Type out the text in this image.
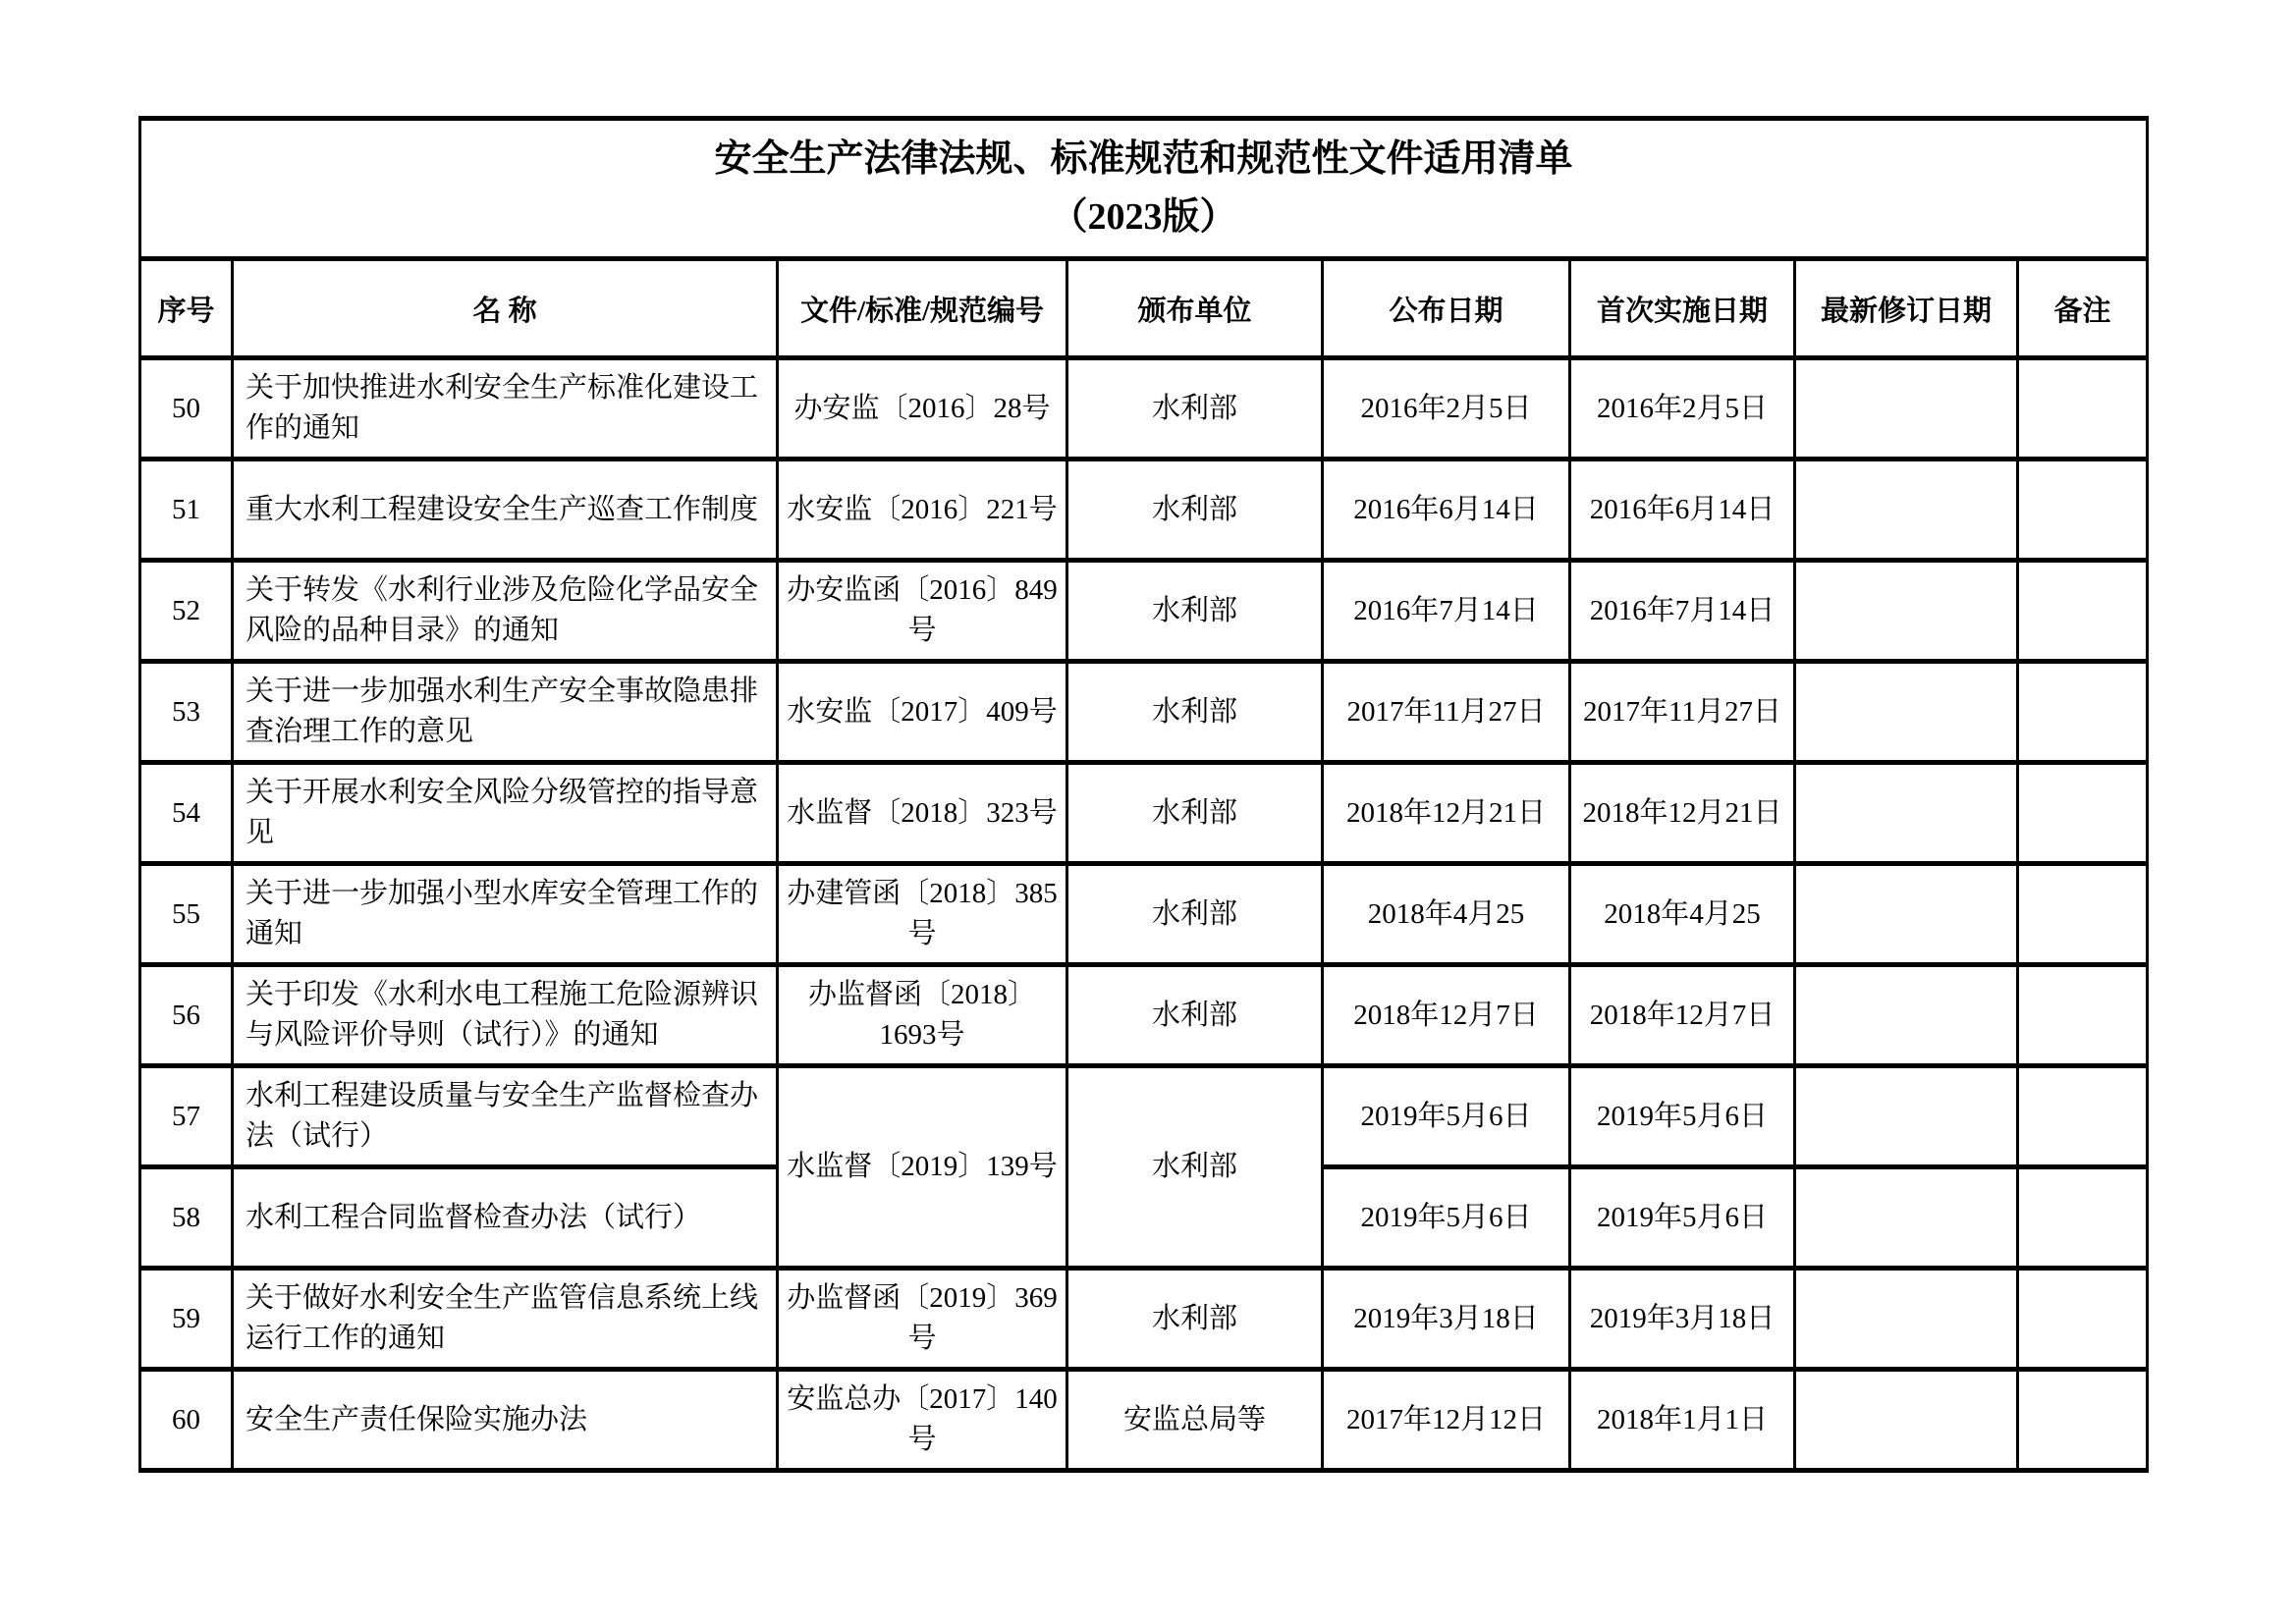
安全生产法律法规、标准规范和规范性文件适用清单
（2023版）							

序号	名 称	文件/标准/规范编号	颁布单位	公布日期	首次实施日期	最新修订日期	备注
50	关于加快推进水利安全生产标准化建设工作的通知	办安监〔2016〕28号	水利部	2016年2月5日	2016年2月5日		
51	重大水利工程建设安全生产巡查工作制度	水安监〔2016〕221号	水利部	2016年6月14日	2016年6月14日		
52	关于转发《水利行业涉及危险化学品安全风险的品种目录》的通知	办安监函〔2016〕849号	水利部	2016年7月14日	2016年7月14日		
53	关于进一步加强水利生产安全事故隐患排查治理工作的意见	水安监〔2017〕409号	水利部	2017年11月27日	2017年11月27日		
54	关于开展水利安全风险分级管控的指导意见	水监督〔2018〕323号	水利部	2018年12月21日	2018年12月21日		
55	关于进一步加强小型水库安全管理工作的通知	办建管函〔2018〕385号	水利部	2018年4月25	2018年4月25		
56	关于印发《水利水电工程施工危险源辨识与风险评价导则（试行）》的通知	办监督函〔2018〕1693号	水利部	2018年12月7日	2018年12月7日		
57	水利工程建设质量与安全生产监督检查办法（试行）	水监督〔2019〕139号	水利部	2019年5月6日	2019年5月6日		
58	水利工程合同监督检查办法（试行）			2019年5月6日	2019年5月6日		
59	关于做好水利安全生产监管信息系统上线运行工作的通知	办监督函〔2019〕369号	水利部	2019年3月18日	2019年3月18日		
60	安全生产责任保险实施办法	安监总办〔2017〕140号	安监总局等	2017年12月12日	2018年1月1日		
